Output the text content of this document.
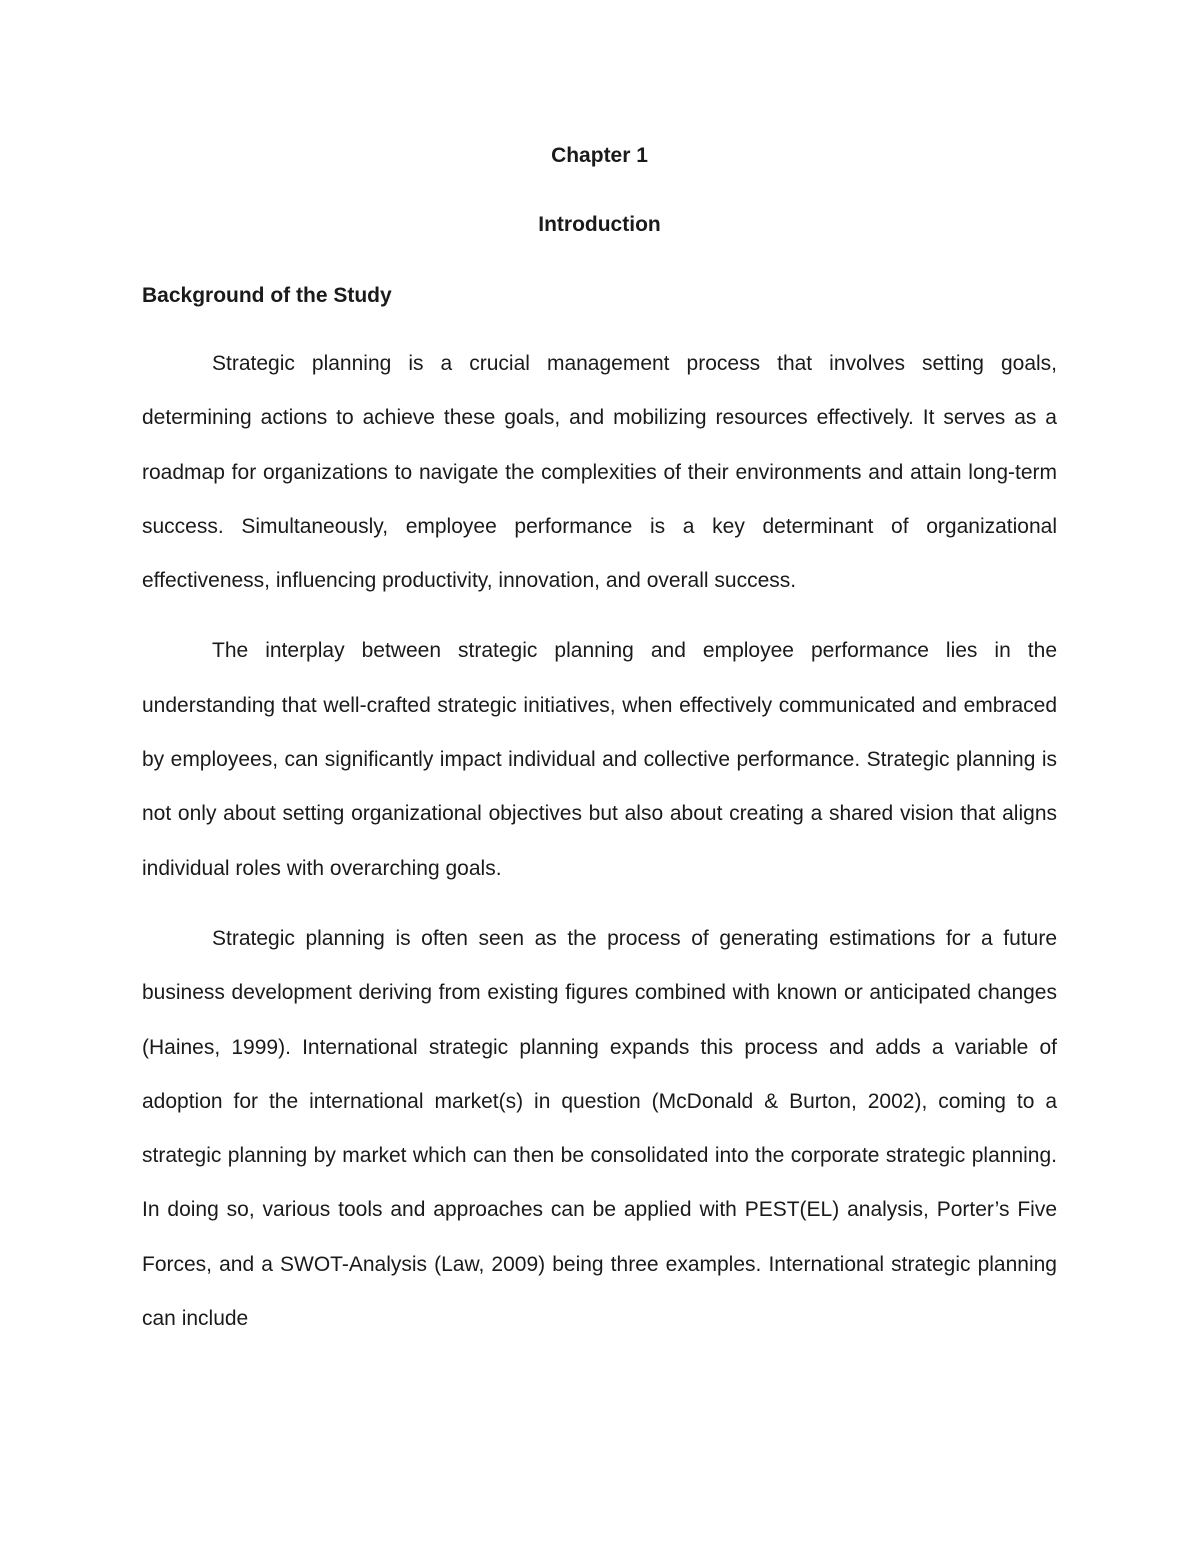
Chapter 1
Introduction
Background of the Study

Strategic planning is a crucial management process that involves setting goals, determining actions to achieve these goals, and mobilizing resources effectively. It serves as a roadmap for organizations to navigate the complexities of their environments and attain long-term success. Simultaneously, employee performance is a key determinant of organizational effectiveness, influencing productivity, innovation, and overall success.

The interplay between strategic planning and employee performance lies in the understanding that well-crafted strategic initiatives, when effectively communicated and embraced by employees, can significantly impact individual and collective performance. Strategic planning is not only about setting organizational objectives but also about creating a shared vision that aligns individual roles with overarching goals.

Strategic planning is often seen as the process of generating estimations for a future business development deriving from existing figures combined with known or anticipated changes (Haines, 1999). International strategic planning expands this process and adds a variable of adoption for the international market(s) in question (McDonald & Burton, 2002), coming to a strategic planning by market which can then be consolidated into the corporate strategic planning. In doing so, various tools and approaches can be applied with PEST(EL) analysis, Porter’s Five Forces, and a SWOT-Analysis (Law, 2009) being three examples. International strategic planning can include
